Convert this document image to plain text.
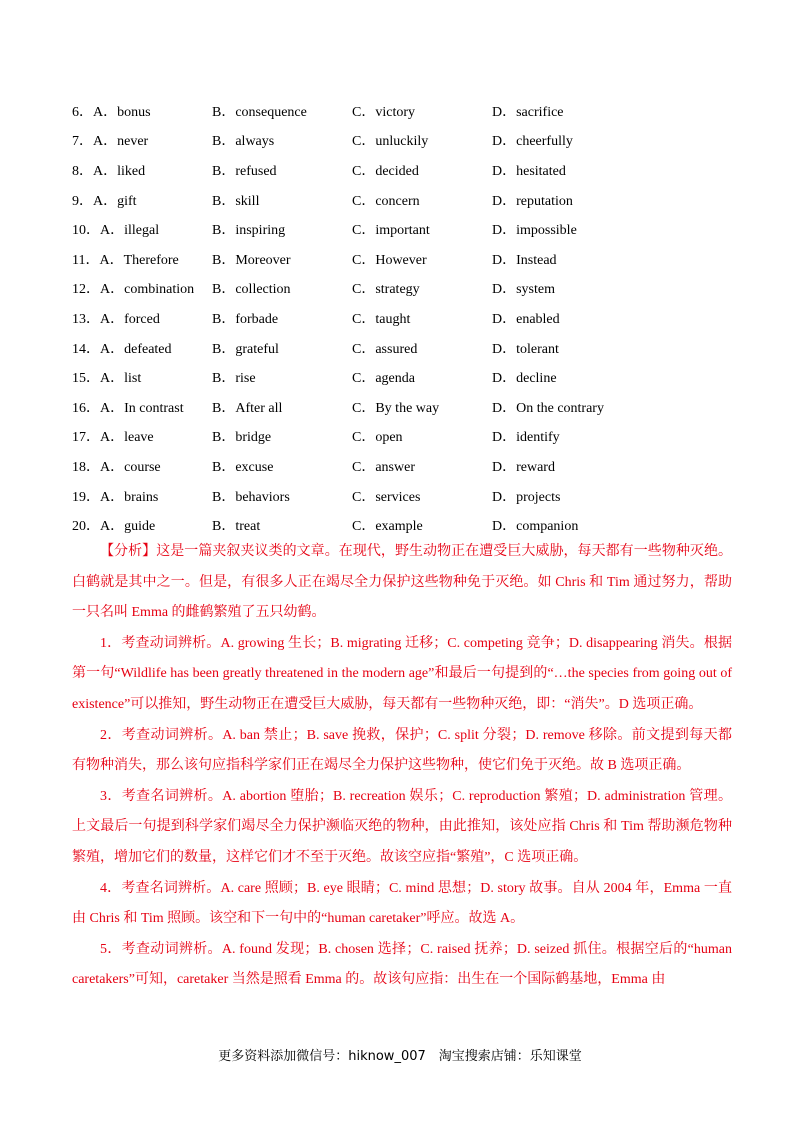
6．A．bonus	B．consequence	C．victory	D．sacrifice
7．A．never	B．always	C．unluckily	D．cheerfully
8．A．liked	B．refused	C．decided	D．hesitated
9．A．gift	B．skill	C．concern	D．reputation
10．A．illegal	B．inspiring	C．important	D．impossible
11．A．Therefore	B．Moreover	C．However	D．Instead
12．A．combination	B．collection	C．strategy	D．system
13．A．forced	B．forbade	C．taught	D．enabled
14．A．defeated	B．grateful	C．assured	D．tolerant
15．A．list	B．rise	C．agenda	D．decline
16．A．In contrast	B．After all	C．By the way	D．On the contrary
17．A．leave	B．bridge	C．open	D．identify
18．A．course	B．excuse	C．answer	D．reward
19．A．brains	B．behaviors	C．services	D．projects
20．A．guide	B．treat	C．example	D．companion

【分析】这是一篇夹叙夹议类的文章。在现代，野生动物正在遭受巨大威胁，每天都有一些物种灭绝。白鹤就是其中之一。但是，有很多人正在竭尽全力保护这些物种免于灭绝。如 Chris 和 Tim 通过努力，帮助一只名叫 Emma 的雌鹤繁殖了五只幼鹤。

1．考查动词辨析。A. growing 生长；B. migrating 迁移；C. competing 竞争；D. disappearing 消失。根据第一句“Wildlife has been greatly threatened in the modern age”和最后一句提到的“…the species from going out of existence”可以推知，野生动物正在遭受巨大威胁，每天都有一些物种灭绝，即：“消失”。D 选项正确。

2．考查动词辨析。A. ban 禁止；B. save 挽救，保护；C. split 分裂；D. remove 移除。前文提到每天都有物种消失，那么该句应指科学家们正在竭尽全力保护这些物种，使它们免于灭绝。故 B 选项正确。

3．考查名词辨析。A. abortion 堕胎；B. recreation 娱乐；C. reproduction 繁殖；D. administration 管理。上文最后一句提到科学家们竭尽全力保护濒临灭绝的物种，由此推知，该处应指 Chris 和 Tim 帮助濒危物种繁殖，增加它们的数量，这样它们才不至于灭绝。故该空应指“繁殖”，C 选项正确。

4．考查名词辨析。A. care 照顾；B. eye 眼睛；C. mind 思想；D. story 故事。自从 2004 年，Emma 一直由 Chris 和 Tim 照顾。该空和下一句中的“human caretaker”呼应。故选 A。

5．考查动词辨析。A. found 发现；B. chosen 选择；C. raised 抚养；D. seized 抓住。根据空后的“human caretakers”可知，caretaker 当然是照看 Emma 的。故该句应指：出生在一个国际鹤基地，Emma 由

更多资料添加微信号：hiknow_007　淘宝搜索店铺：乐知课堂
